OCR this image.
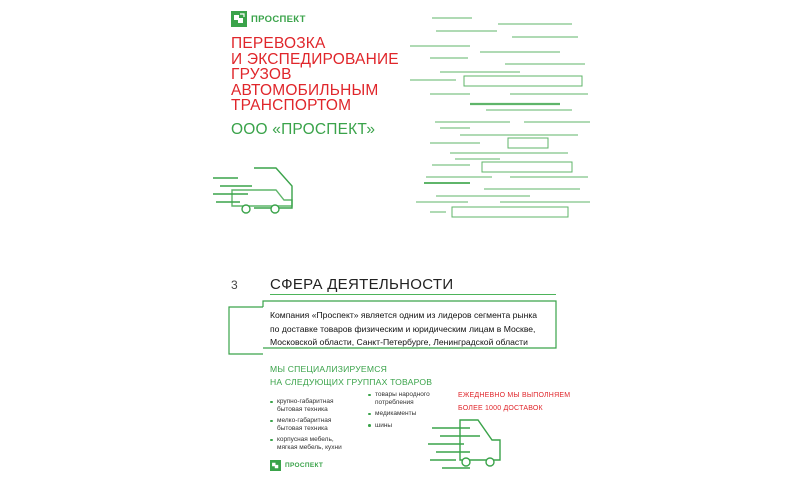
ПРОСПЕКТ
ПЕРЕВОЗКА
И ЭКСПЕДИРОВАНИЕ
ГРУЗОВ
АВТОМОБИЛЬНЫМ
ТРАНСПОРТОМ
ООО «ПРОСПЕКТ»
3 СФЕРА ДЕЯТЕЛЬНОСТИ
Компания «Проспект» является одним из лидеров сегмента рынка
по доставке товаров физическим и юридическим лицам в Москве,
Московской области, Санкт-Петербурге, Ленинградской области
МЫ СПЕЦИАЛИЗИРУЕМСЯ
НА СЛЕДУЮЩИХ ГРУППАХ ТОВАРОВ
крупно-габаритная
бытовая техника
мелко-габаритная
бытовая техника
корпусная мебель,
мягкая мебель, кухни
товары народного
потребления
медикаменты
шины
ЕЖЕДНЕВНО МЫ ВЫПОЛНЯЕМ
БОЛЕЕ 1000 ДОСТАВОК
ПРОСПЕКТ
